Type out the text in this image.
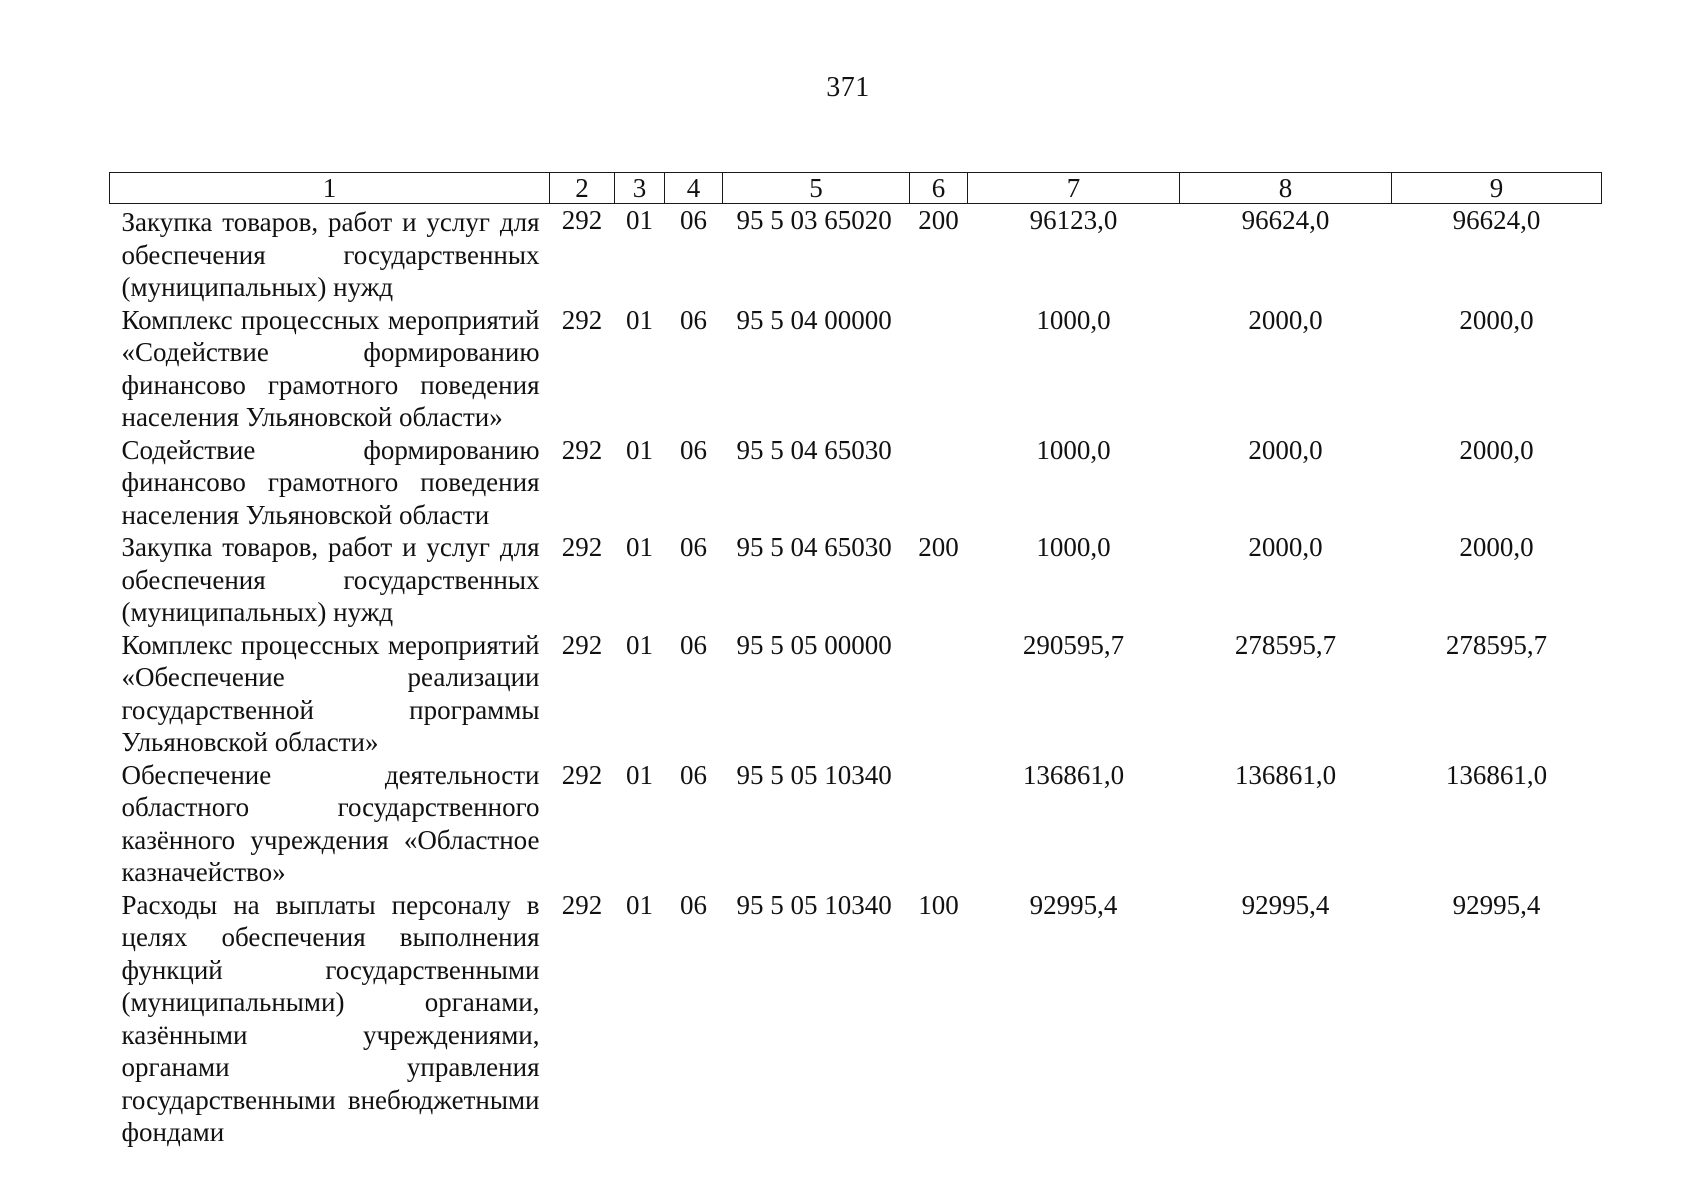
371
1	2	3	4	5	6	7	8	9
Закупка товаров, работ и услуг для обеспечения государственных (муниципальных) нужд	292	01	06	95 5 03 65020	200	96123,0	96624,0	96624,0
Комплекс процессных мероприятий «Содействие формированию финансово грамотного поведения населения Ульяновской области»	292	01	06	95 5 04 00000		1000,0	2000,0	2000,0
Содействие формированию финансово грамотного поведения населения Ульяновской области	292	01	06	95 5 04 65030		1000,0	2000,0	2000,0
Закупка товаров, работ и услуг для обеспечения государственных (муниципальных) нужд	292	01	06	95 5 04 65030	200	1000,0	2000,0	2000,0
Комплекс процессных мероприятий «Обеспечение реализации государственной программы Ульяновской области»	292	01	06	95 5 05 00000		290595,7	278595,7	278595,7
Обеспечение деятельности областного государственного казённого учреждения «Областное казначейство»	292	01	06	95 5 05 10340		136861,0	136861,0	136861,0
Расходы на выплаты персоналу в целях обеспечения выполнения функций государственными (муниципальными) органами, казёнными учреждениями, органами управления государственными внебюджетными фондами	292	01	06	95 5 05 10340	100	92995,4	92995,4	92995,4
